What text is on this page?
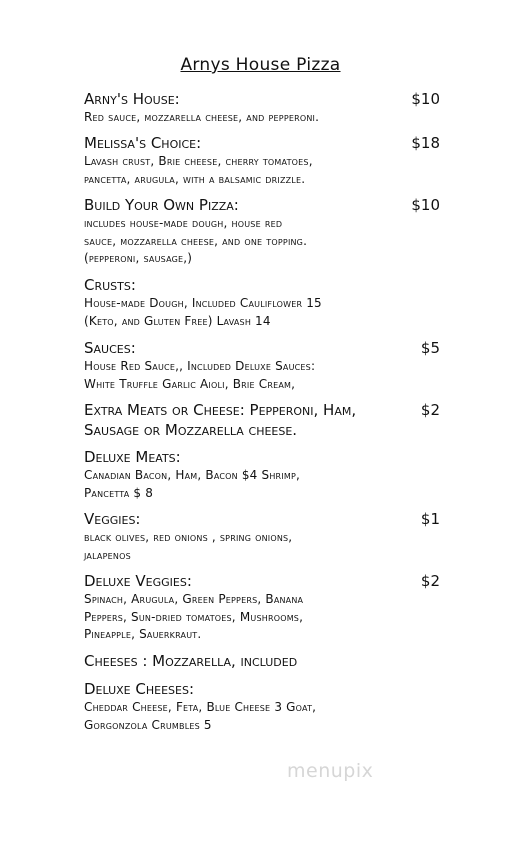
Arnys House Pizza
Arny's House:	$10
Red sauce, mozzarella cheese, and pepperoni.
Melissa's Choice:	$18
Lavash crust, Brie cheese, cherry tomatoes,
pancetta, arugula, with a balsamic drizzle.
Build Your Own Pizza:	$10
includes house-made dough, house red
sauce, mozzarella cheese, and one topping.
(pepperoni, sausage,)
Crusts:
House-made Dough, Included Cauliflower 15
(Keto, and Gluten Free) Lavash 14
Sauces:	$5
House Red Sauce,, Included Deluxe Sauces:
White Truffle Garlic Aioli, Brie Cream,
Extra Meats or Cheese: Pepperoni, Ham,	$2
Sausage or Mozzarella cheese.
Deluxe Meats:
Canadian Bacon, Ham, Bacon $4 Shrimp,
Pancetta $ 8
Veggies:	$1
black olives, red onions , spring onions,
jalapenos
Deluxe Veggies:	$2
Spinach, Arugula, Green Peppers, Banana
Peppers, Sun-dried tomatoes, Mushrooms,
Pineapple, Sauerkraut.
Cheeses : Mozzarella, included
Deluxe Cheeses:
Cheddar Cheese, Feta, Blue Cheese 3 Goat,
Gorgonzola Crumbles 5
menupix
